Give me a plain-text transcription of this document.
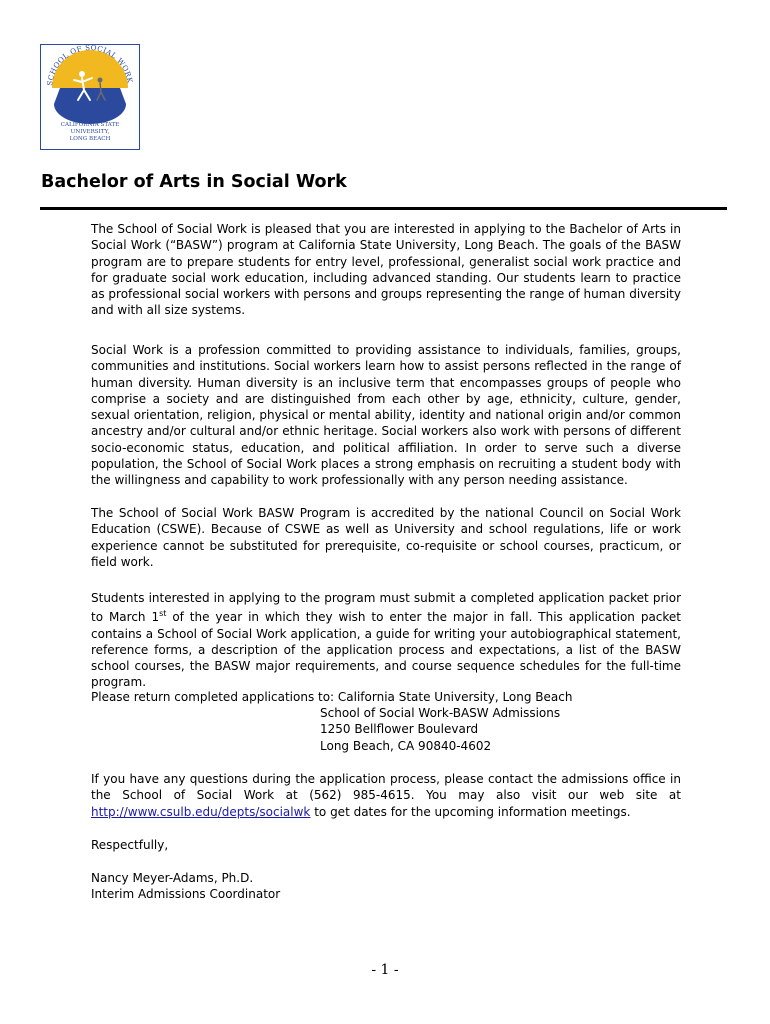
SCHOOL OF SOCIAL WORK
CALIFORNIA STATE
UNIVERSITY,
LONG BEACH
Bachelor of Arts in Social Work

The School of Social Work is pleased that you are interested in applying to the Bachelor of Arts in Social Work (“BASW”) program at California State University, Long Beach. The goals of the BASW program are to prepare students for entry level, professional, generalist social work practice and for graduate social work education, including advanced standing. Our students learn to practice as professional social workers with persons and groups representing the range of human diversity and with all size systems.

Social Work is a profession committed to providing assistance to individuals, families, groups, communities and institutions. Social workers learn how to assist persons reflected in the range of human diversity. Human diversity is an inclusive term that encompasses groups of people who comprise a society and are distinguished from each other by age, ethnicity, culture, gender, sexual orientation, religion, physical or mental ability, identity and national origin and/or common ancestry and/or cultural and/or ethnic heritage. Social workers also work with persons of different socio-economic status, education, and political affiliation. In order to serve such a diverse population, the School of Social Work places a strong emphasis on recruiting a student body with the willingness and capability to work professionally with any person needing assistance.

The School of Social Work BASW Program is accredited by the national Council on Social Work Education (CSWE). Because of CSWE as well as University and school regulations, life or work experience cannot be substituted for prerequisite, co-requisite or school courses, practicum, or field work.

Students interested in applying to the program must submit a completed application packet prior to March 1st of the year in which they wish to enter the major in fall. This application packet contains a School of Social Work application, a guide for writing your autobiographical statement, reference forms, a description of the application process and expectations, a list of the BASW school courses, the BASW major requirements, and course sequence schedules for the full-time program.

Please return completed applications to: California State University, Long Beach

School of Social Work-BASW Admissions
1250 Bellflower Boulevard
Long Beach, CA 90840-4602

If you have any questions during the application process, please contact the admissions office in the School of Social Work at (562) 985-4615. You may also visit our web site at http://www.csulb.edu/depts/socialwk to get dates for the upcoming information meetings.

Respectfully,

Nancy Meyer-Adams, Ph.D.
Interim Admissions Coordinator
- 1 -
